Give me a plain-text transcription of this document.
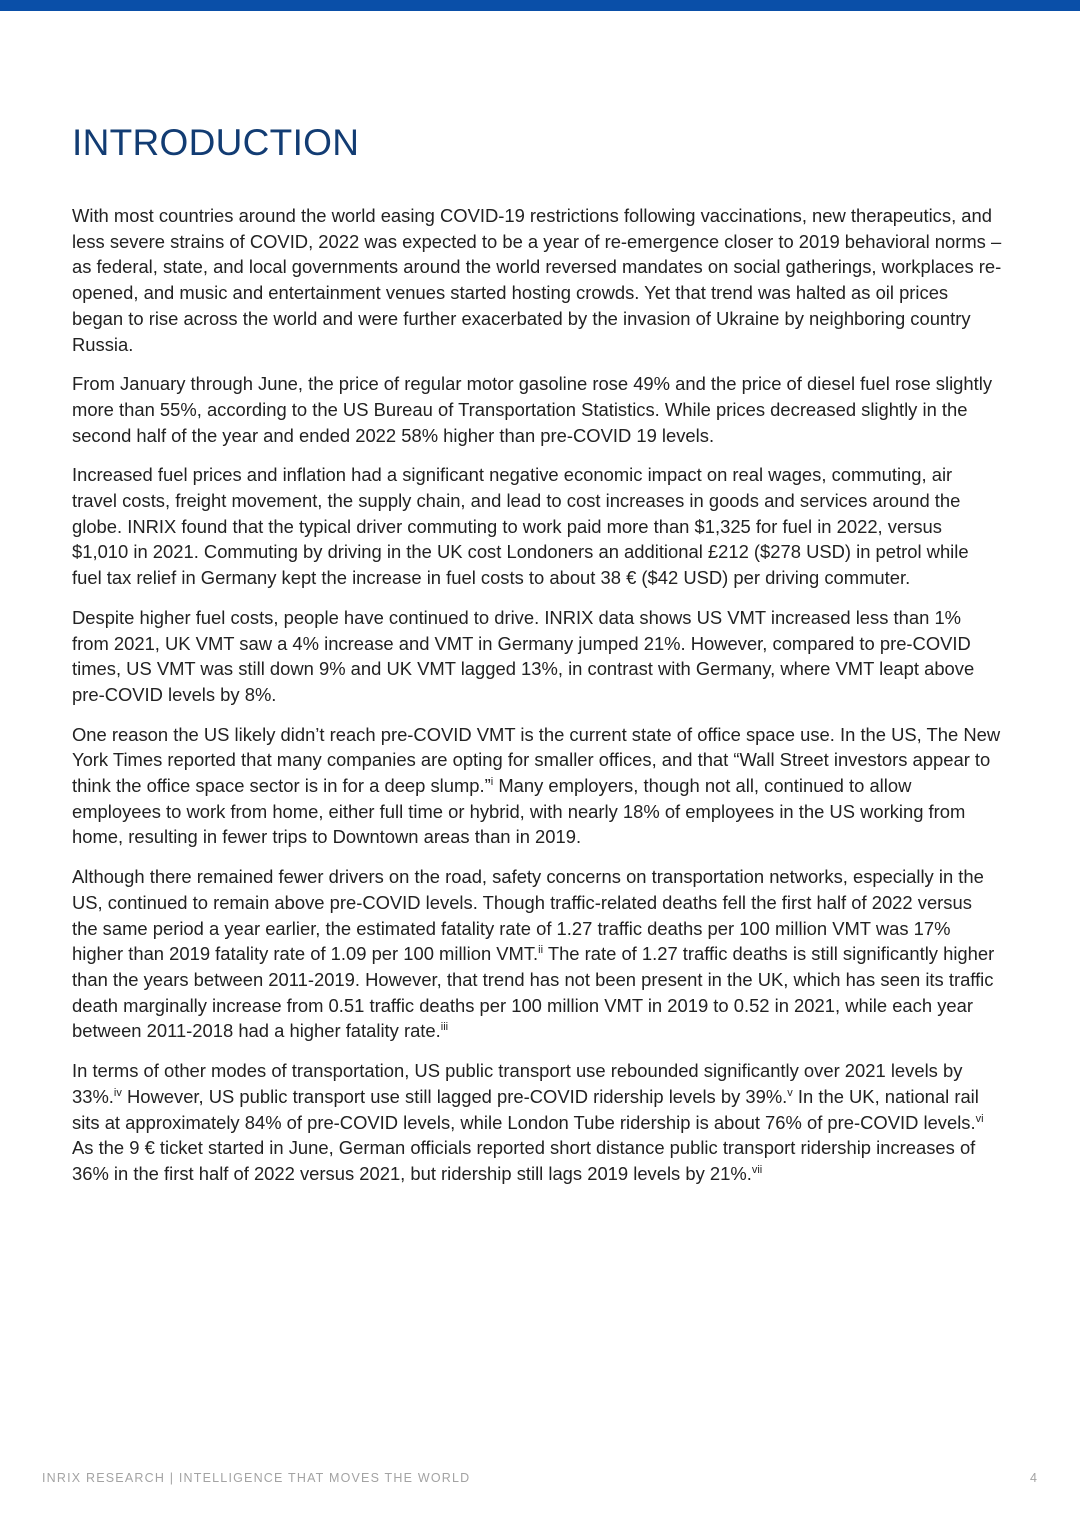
INTRODUCTION

With most countries around the world easing COVID-19 restrictions following vaccinations, new therapeutics, and less severe strains of COVID, 2022 was expected to be a year of re-emergence closer to 2019 behavioral norms – as federal, state, and local governments around the world reversed mandates on social gatherings, workplaces re-opened, and music and entertainment venues started hosting crowds. Yet that trend was halted as oil prices began to rise across the world and were further exacerbated by the invasion of Ukraine by neighboring country Russia.

From January through June, the price of regular motor gasoline rose 49% and the price of diesel fuel rose slightly more than 55%, according to the US Bureau of Transportation Statistics. While prices decreased slightly in the second half of the year and ended 2022 58% higher than pre-COVID 19 levels.

Increased fuel prices and inflation had a significant negative economic impact on real wages, commuting, air travel costs, freight movement, the supply chain, and lead to cost increases in goods and services around the globe. INRIX found that the typical driver commuting to work paid more than $1,325 for fuel in 2022, versus $1,010 in 2021. Commuting by driving in the UK cost Londoners an additional £212 ($278 USD) in petrol while fuel tax relief in Germany kept the increase in fuel costs to about 38 € ($42 USD) per driving commuter.

Despite higher fuel costs, people have continued to drive. INRIX data shows US VMT increased less than 1% from 2021, UK VMT saw a 4% increase and VMT in Germany jumped 21%. However, compared to pre-COVID times, US VMT was still down 9% and UK VMT lagged 13%, in contrast with Germany, where VMT leapt above pre-COVID levels by 8%.

One reason the US likely didn’t reach pre-COVID VMT is the current state of office space use. In the US, The New York Times reported that many companies are opting for smaller offices, and that “Wall Street investors appear to think the office space sector is in for a deep slump.”$^i$ Many employers, though not all, continued to allow employees to work from home, either full time or hybrid, with nearly 18% of employees in the US working from home, resulting in fewer trips to Downtown areas than in 2019.

Although there remained fewer drivers on the road, safety concerns on transportation networks, especially in the US, continued to remain above pre-COVID levels. Though traffic-related deaths fell the first half of 2022 versus the same period a year earlier, the estimated fatality rate of 1.27 traffic deaths per 100 million VMT was 17% higher than 2019 fatality rate of 1.09 per 100 million VMT.$^{ii}$ The rate of 1.27 traffic deaths is still significantly higher than the years between 2011-2019. However, that trend has not been present in the UK, which has seen its traffic death marginally increase from 0.51 traffic deaths per 100 million VMT in 2019 to 0.52 in 2021, while each year between 2011-2018 had a higher fatality rate.$^{iii}$

In terms of other modes of transportation, US public transport use rebounded significantly over 2021 levels by 33%.$^{iv}$ However, US public transport use still lagged pre-COVID ridership levels by 39%.$^v$ In the UK, national rail sits at approximately 84% of pre-COVID levels, while London Tube ridership is about 76% of pre-COVID levels.$^{vi}$ As the 9 € ticket started in June, German officials reported short distance public transport ridership increases of 36% in the first half of 2022 versus 2021, but ridership still lags 2019 levels by 21%.$^{vii}$

INRIX RESEARCH | INTELLIGENCE THAT MOVES THE WORLD	4
